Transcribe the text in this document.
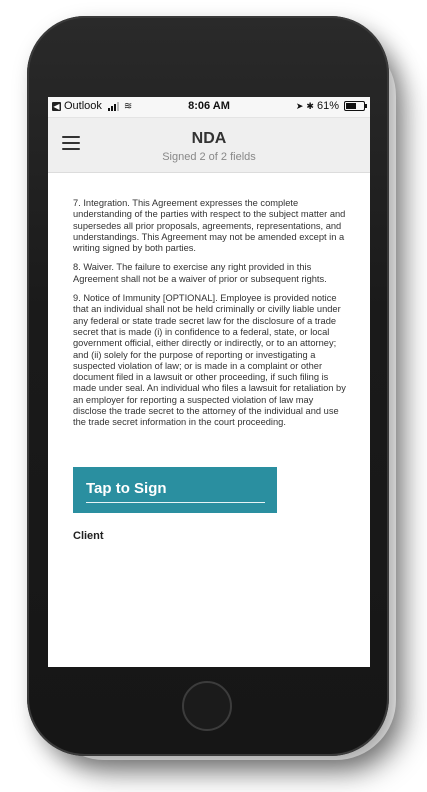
◀ Outlook ≋	8:06 AM	➤ ✱ 61%
NDA
Signed 2 of 2 fields

7. Integration. This Agreement expresses the complete understanding of the parties with respect to the subject matter and supersedes all prior proposals, agreements, representations, and understandings. This Agreement may not be amended except in a writing signed by both parties.

8. Waiver. The failure to exercise any right provided in this Agreement shall not be a waiver of prior or subsequent rights.

9. Notice of Immunity [OPTIONAL]. Employee is provided notice that an individual shall not be held criminally or civilly liable under any federal or state trade secret law for the disclosure of a trade secret that is made (i) in confidence to a federal, state, or local government official, either directly or indirectly, or to an attorney; and (ii) solely for the purpose of reporting or investigating a suspected violation of law; or is made in a complaint or other document filed in a lawsuit or other proceeding, if such filing is made under seal. An individual who files a lawsuit for retaliation by an employer for reporting a suspected violation of law may disclose the trade secret to the attorney of the individual and use the trade secret information in the court proceeding.

Tap to Sign
Client
